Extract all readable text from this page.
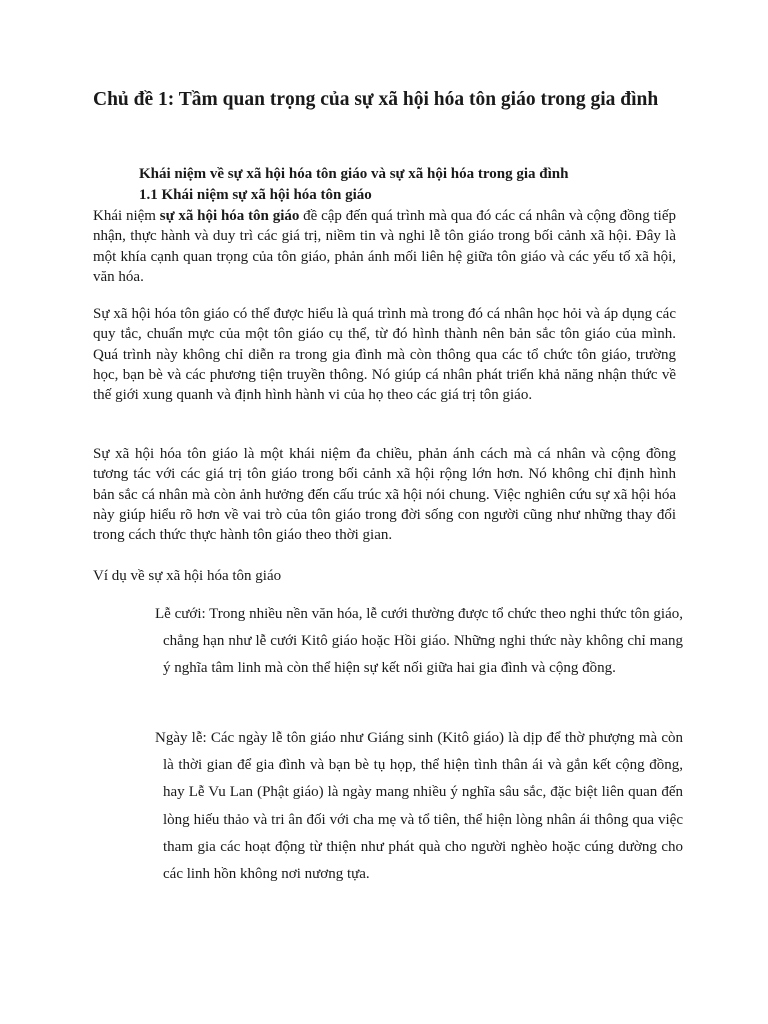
Chủ đề 1: Tầm quan trọng của sự xã hội hóa tôn giáo trong gia đình

Khái niệm về sự xã hội hóa tôn giáo và sự xã hội hóa trong gia đình

1.1 Khái niệm sự xã hội hóa tôn giáo

Khái niệm sự xã hội hóa tôn giáo đề cập đến quá trình mà qua đó các cá nhân và cộng đồng tiếp nhận, thực hành và duy trì các giá trị, niềm tin và nghi lễ tôn giáo trong bối cảnh xã hội. Đây là một khía cạnh quan trọng của tôn giáo, phản ánh mối liên hệ giữa tôn giáo và các yếu tố xã hội, văn hóa.

Sự xã hội hóa tôn giáo có thể được hiểu là quá trình mà trong đó cá nhân học hỏi và áp dụng các quy tắc, chuẩn mực của một tôn giáo cụ thể, từ đó hình thành nên bản sắc tôn giáo của mình. Quá trình này không chỉ diễn ra trong gia đình mà còn thông qua các tổ chức tôn giáo, trường học, bạn bè và các phương tiện truyền thông. Nó giúp cá nhân phát triển khả năng nhận thức về thế giới xung quanh và định hình hành vi của họ theo các giá trị tôn giáo.

Sự xã hội hóa tôn giáo là một khái niệm đa chiều, phản ánh cách mà cá nhân và cộng đồng tương tác với các giá trị tôn giáo trong bối cảnh xã hội rộng lớn hơn. Nó không chỉ định hình bản sắc cá nhân mà còn ảnh hưởng đến cấu trúc xã hội nói chung. Việc nghiên cứu sự xã hội hóa này giúp hiểu rõ hơn về vai trò của tôn giáo trong đời sống con người cũng như những thay đổi trong cách thức thực hành tôn giáo theo thời gian.

Ví dụ về sự xã hội hóa tôn giáo

Lễ cưới: Trong nhiều nền văn hóa, lễ cưới thường được tổ chức theo nghi thức tôn giáo, chẳng hạn như lễ cưới Kitô giáo hoặc Hồi giáo. Những nghi thức này không chỉ mang ý nghĩa tâm linh mà còn thể hiện sự kết nối giữa hai gia đình và cộng đồng.

Ngày lễ: Các ngày lễ tôn giáo như Giáng sinh (Kitô giáo) là dịp để thờ phượng mà còn là thời gian để gia đình và bạn bè tụ họp, thể hiện tình thân ái và gắn kết cộng đồng, hay Lễ Vu Lan (Phật giáo) là ngày mang nhiều ý nghĩa sâu sắc, đặc biệt liên quan đến lòng hiếu thảo và tri ân đối với cha mẹ và tổ tiên, thể hiện lòng nhân ái thông qua việc tham gia các hoạt động từ thiện như phát quà cho người nghèo hoặc cúng dường cho các linh hồn không nơi nương tựa.
